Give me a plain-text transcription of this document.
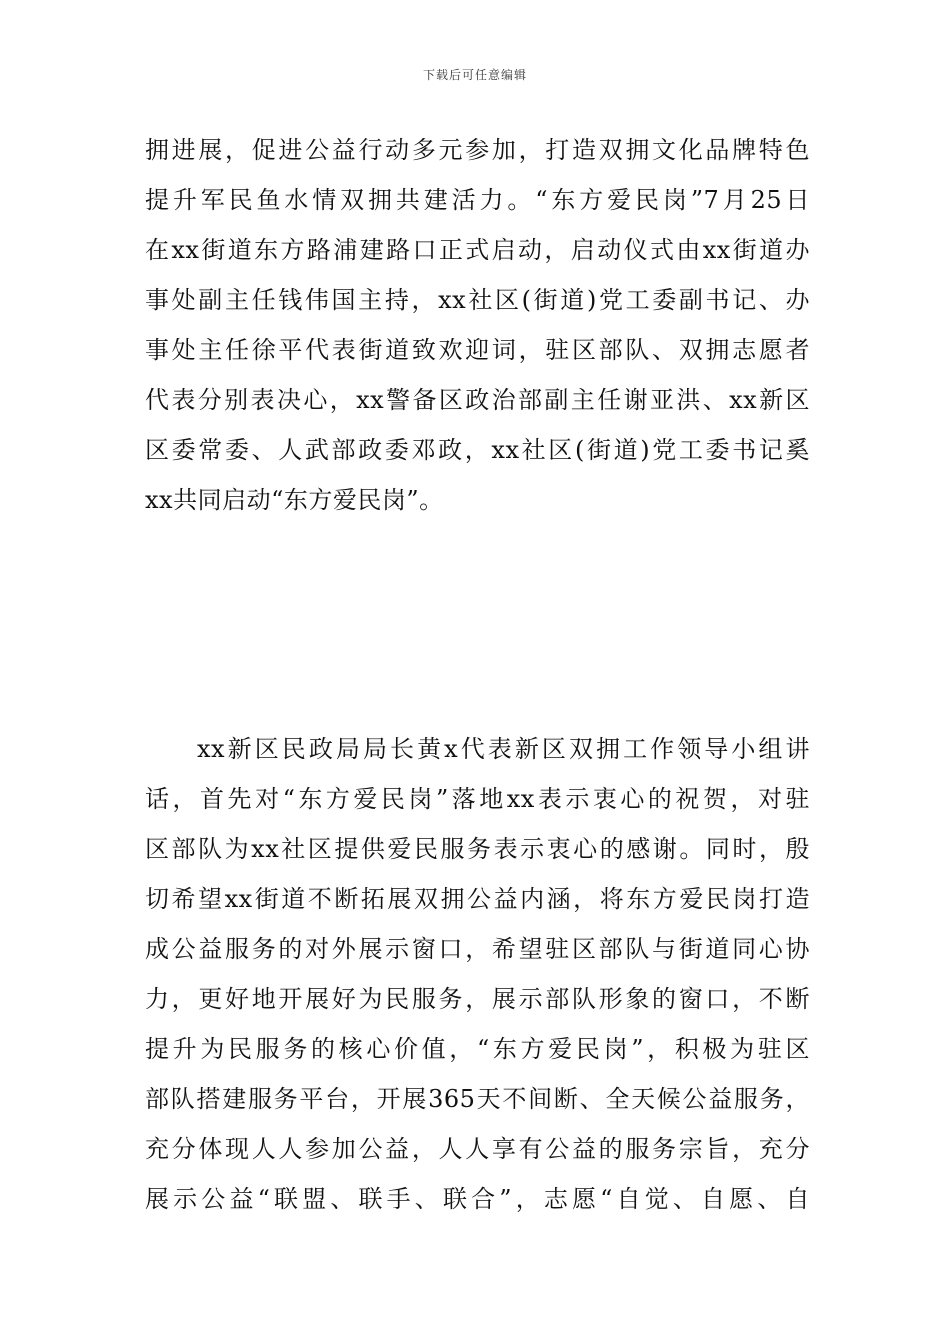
下载后可任意编辑
拥进展，促进公益行动多元参加，打造双拥文化品牌特色
提升军民鱼水情双拥共建活力。“东方爱民岗”7月25日
在xx街道东方路浦建路口正式启动，启动仪式由xx街道办
事处副主任钱伟国主持，xx社区(街道)党工委副书记、办
事处主任徐平代表街道致欢迎词，驻区部队、双拥志愿者
代表分别表决心，xx警备区政治部副主任谢亚洪、xx新区
区委常委、人武部政委邓政，xx社区(街道)党工委书记奚
xx共同启动“东方爱民岗”。
xx新区民政局局长黄x代表新区双拥工作领导小组讲
话，首先对“东方爱民岗”落地xx表示衷心的祝贺，对驻
区部队为xx社区提供爱民服务表示衷心的感谢。同时，殷
切希望xx街道不断拓展双拥公益内涵，将东方爱民岗打造
成公益服务的对外展示窗口，希望驻区部队与街道同心协
力，更好地开展好为民服务，展示部队形象的窗口，不断
提升为民服务的核心价值，“东方爱民岗”，积极为驻区
部队搭建服务平台，开展365天不间断、全天候公益服务，
充分体现人人参加公益，人人享有公益的服务宗旨，充分
展示公益“联盟、联手、联合”，志愿“自觉、自愿、自
